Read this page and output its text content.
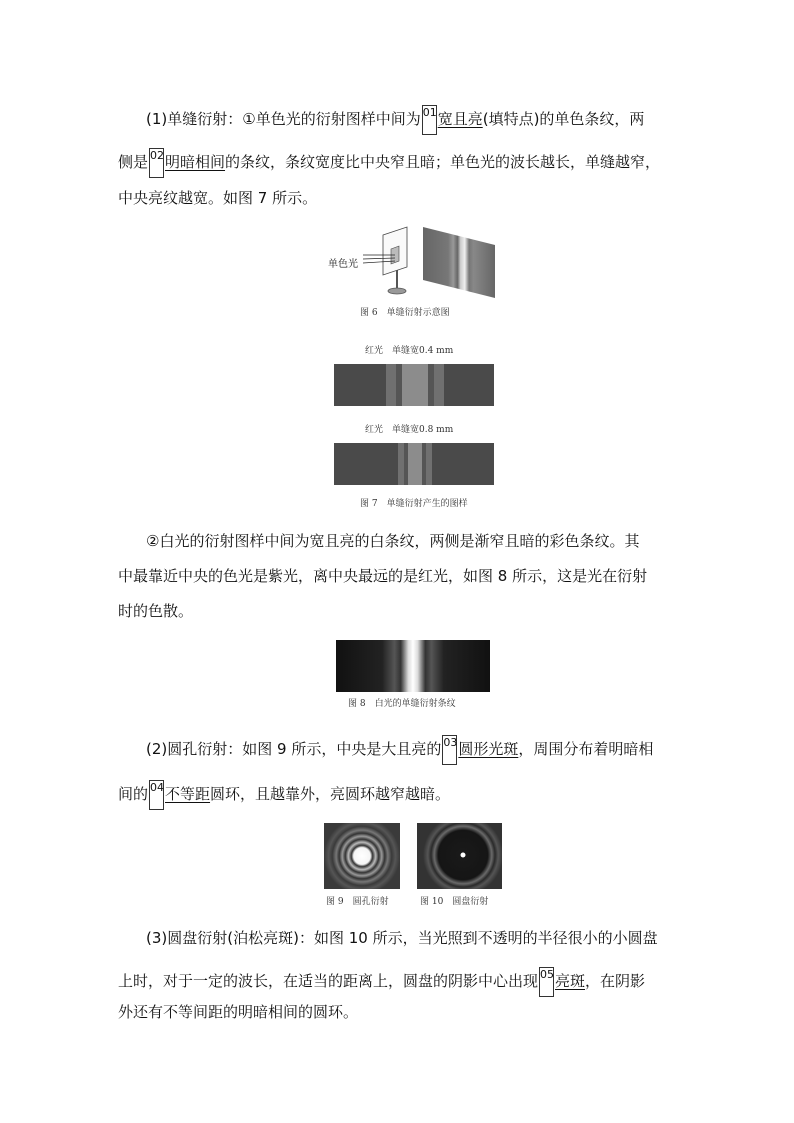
(1)单缝衍射：①单色光的衍射图样中间为 01 宽且亮(填特点)的单色条纹，两
侧是 02 明暗相间的条纹，条纹宽度比中央窄且暗；单色光的波长越长，单缝越窄，
中央亮纹越宽。如图 7 所示。
单色光
图 6　单缝衍射示意图
红光　单缝宽0.4 mm
红光　单缝宽0.8 mm
图 7　单缝衍射产生的图样
②白光的衍射图样中间为宽且亮的白条纹，两侧是渐窄且暗的彩色条纹。其
中最靠近中央的色光是紫光，离中央最远的是红光，如图 8 所示，这是光在衍射
时的色散。
图 8　白光的单缝衍射条纹
(2)圆孔衍射：如图 9 所示，中央是大且亮的 03 圆形光斑，周围分布着明暗相
间的 04 不等距圆环，且越靠外，亮圆环越窄越暗。
图 9　圆孔衍射	图 10　圆盘衍射
(3)圆盘衍射(泊松亮斑)：如图 10 所示，当光照到不透明的半径很小的小圆盘
上时，对于一定的波长，在适当的距离上，圆盘的阴影中心出现 05 亮斑，在阴影
外还有不等间距的明暗相间的圆环。
